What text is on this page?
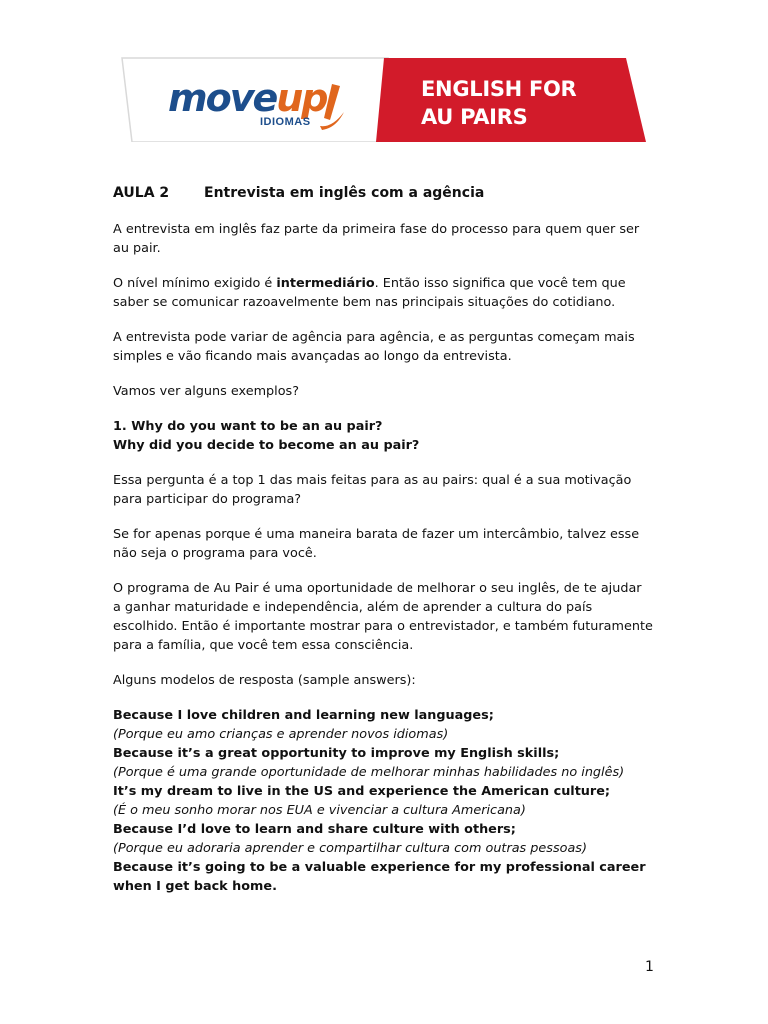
moveup
IDIOMAS
ENGLISH FOR
AU PAIRS
AULA 2	Entrevista em inglês com a agência

A entrevista em inglês faz parte da primeira fase do processo para quem quer ser au pair.

O nível mínimo exigido é intermediário. Então isso significa que você tem que saber se comunicar razoavelmente bem nas principais situações do cotidiano.

A entrevista pode variar de agência para agência, e as perguntas começam mais simples e vão ficando mais avançadas ao longo da entrevista.

Vamos ver alguns exemplos?

1. Why do you want to be an au pair?
Why did you decide to become an au pair?

Essa pergunta é a top 1 das mais feitas para as au pairs: qual é a sua motivação para participar do programa?

Se for apenas porque é uma maneira barata de fazer um intercâmbio, talvez esse não seja o programa para você.

O programa de Au Pair é uma oportunidade de melhorar o seu inglês, de te ajudar a ganhar maturidade e independência, além de aprender a cultura do país escolhido. Então é importante mostrar para o entrevistador, e também futuramente para a família, que você tem essa consciência.

Alguns modelos de resposta (sample answers):

Because I love children and learning new languages;
(Porque eu amo crianças e aprender novos idiomas)
Because it’s a great opportunity to improve my English skills;
(Porque é uma grande oportunidade de melhorar minhas habilidades no inglês)
It’s my dream to live in the US and experience the American culture;
(É o meu sonho morar nos EUA e vivenciar a cultura Americana)
Because I’d love to learn and share culture with others;
(Porque eu adoraria aprender e compartilhar cultura com outras pessoas)
Because it’s going to be a valuable experience for my professional career when I get back home.
1
